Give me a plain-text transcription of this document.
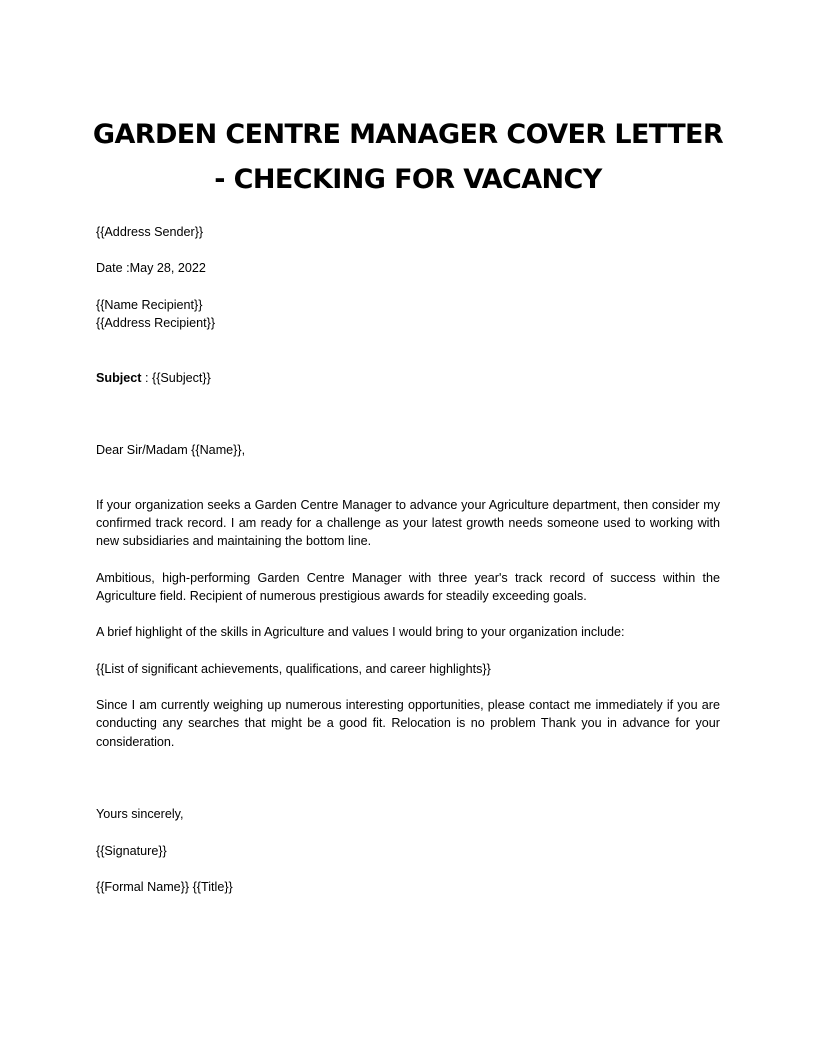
GARDEN CENTRE MANAGER COVER LETTER
- CHECKING FOR VACANCY

{{Address Sender}}

Date :May 28, 2022

{{Name Recipient}}

{{Address Recipient}}

Subject : {{Subject}}

Dear Sir/Madam {{Name}},

If your organization seeks a Garden Centre Manager to advance your Agriculture department, then consider my confirmed track record. I am ready for a challenge as your latest growth needs someone used to working with new subsidiaries and maintaining the bottom line.

Ambitious, high-performing Garden Centre Manager with three year's track record of success within the Agriculture field. Recipient of numerous prestigious awards for steadily exceeding goals.

A brief highlight of the skills in Agriculture and values I would bring to your organization include:

{{List of significant achievements, qualifications, and career highlights}}

Since I am currently weighing up numerous interesting opportunities, please contact me immediately if you are conducting any searches that might be a good fit. Relocation is no problem Thank you in advance for your consideration.

Yours sincerely,

{{Signature}}

{{Formal Name}} {{Title}}
